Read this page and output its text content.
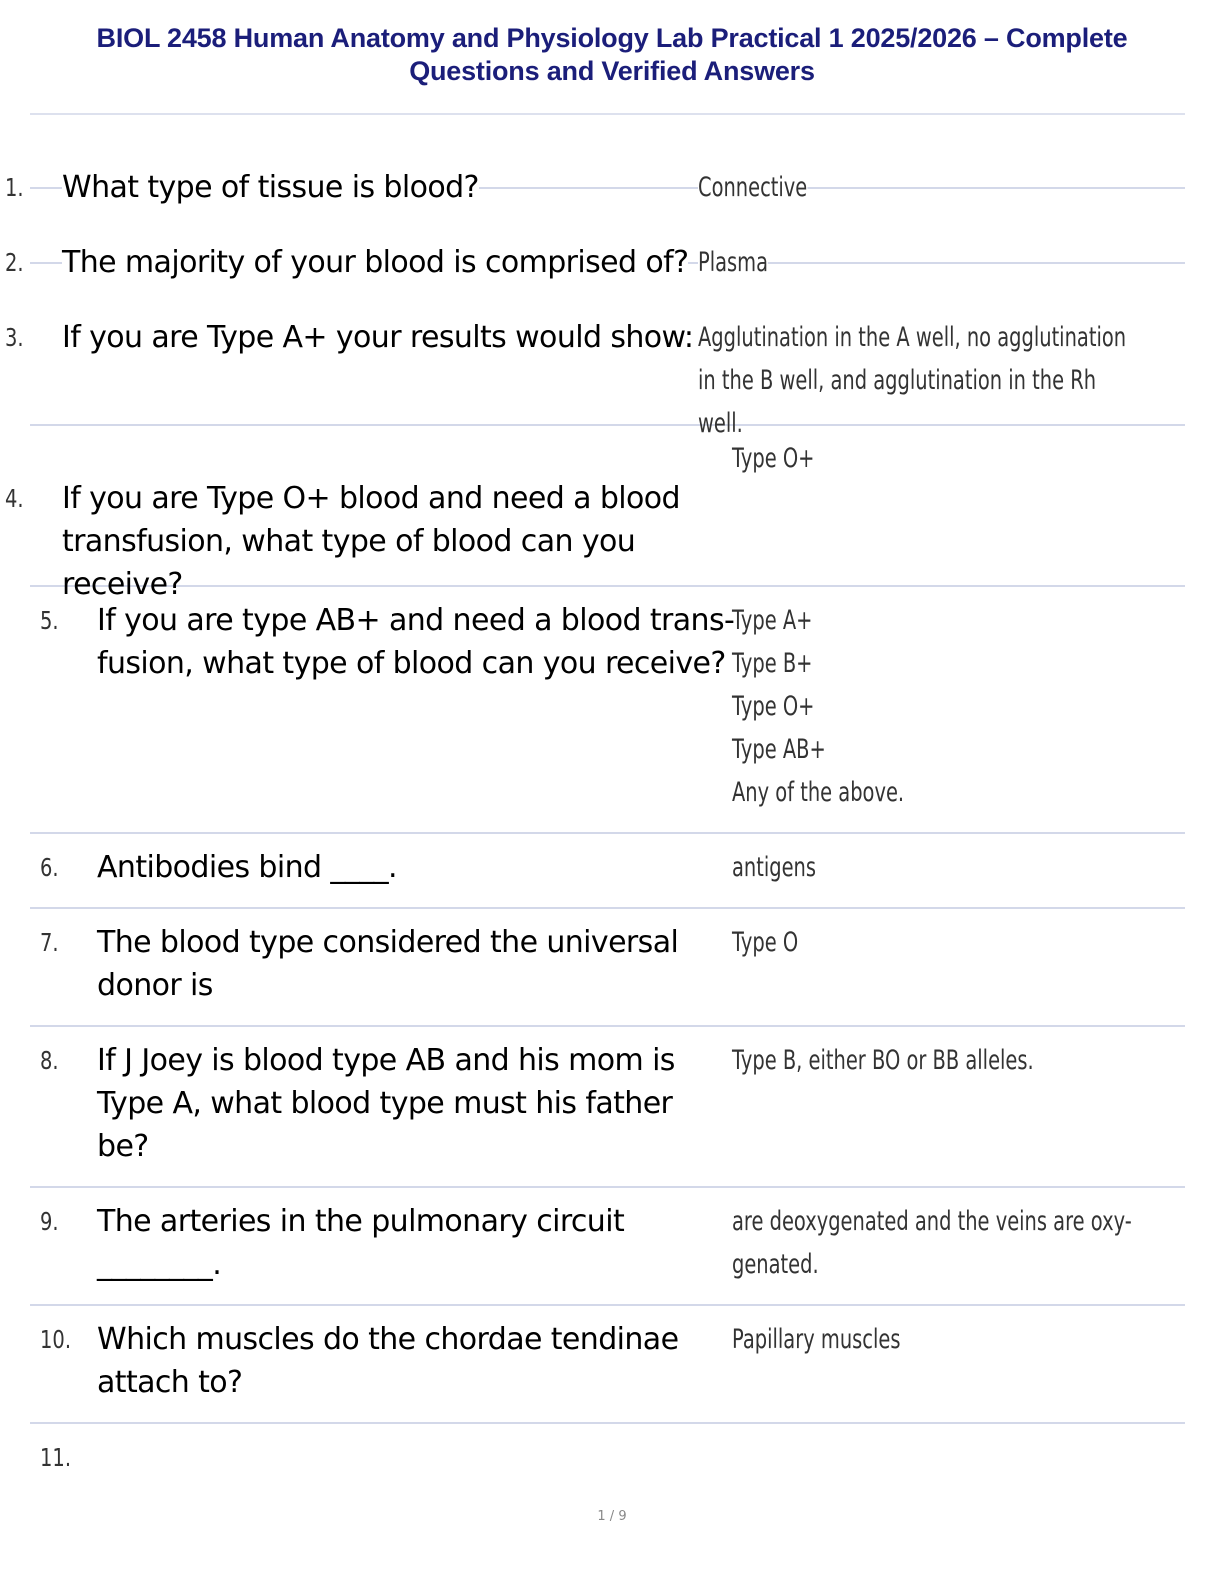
BIOL 2458 Human Anatomy and Physiology Lab Practical 1 2025/2026 – Complete
Questions and Verified Answers
1. What type of tissue is blood?	Connective
2. The majority of your blood is comprised of? Plasma
3. If you are Type A+ your results would show: Agglutination in the A well, no agglutination
in the B well, and agglutination in the Rh
well.
Type O+
4. If you are Type O+ blood and need a blood
transfusion, what type of blood can you
receive?
5. If you are type AB+ and need a blood trans-
fusion, what type of blood can you receive?
Type A+
Type B+
Type O+
Type AB+
Any of the above.
6. Antibodies bind ____.	antigens
7. The blood type considered the universal
donor is
Type O
8. If J Joey is blood type AB and his mom is
Type A, what blood type must his father
be?
Type B, either BO or BB alleles.
9. The arteries in the pulmonary circuit
________.
are deoxygenated and the veins are oxy-
genated.
10. Which muscles do the chordae tendinae
attach to?
Papillary muscles
11.
1 / 9
